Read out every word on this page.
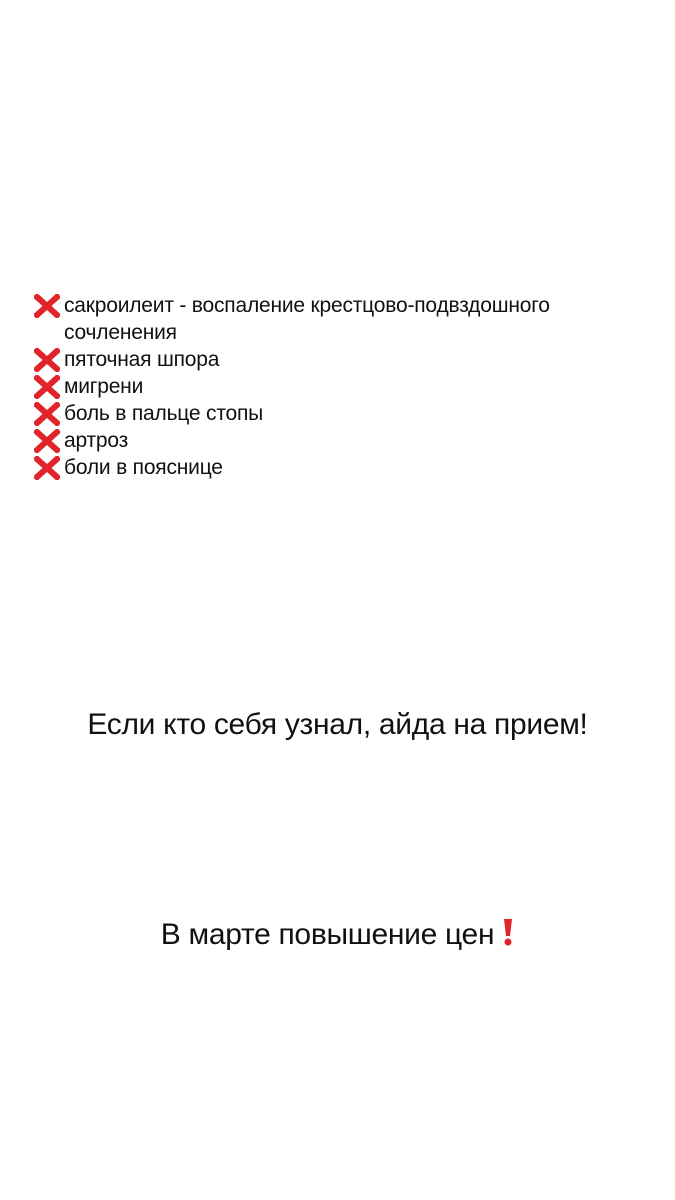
сакроилеит - воспаление крестцово-подвздошного сочленения
пяточная шпора
мигрени
боль в пальце стопы
артроз
боли в пояснице
Если кто себя узнал, айда на прием!
В марте повышение цен
